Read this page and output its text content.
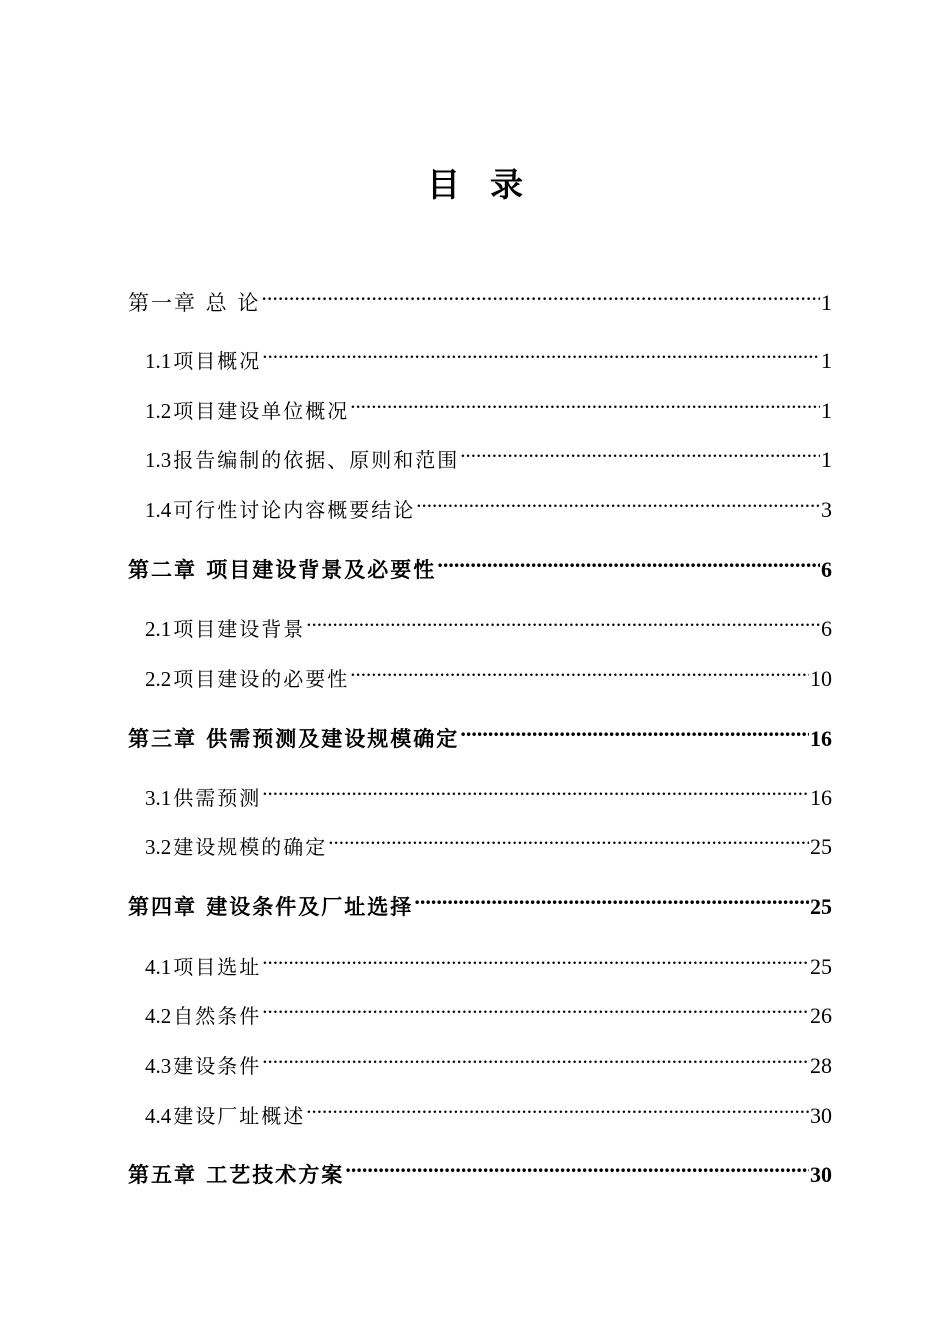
目 录
第一章 总 论 .....	1
1.1 项目概况 .....	1
1.2 项目建设单位概况 .....	1
1.3 报告编制的依据、原则和范围 .....	1
1.4 可行性讨论内容概要结论 .....	3
第二章 项目建设背景及必要性 .....	6
2.1 项目建设背景 .....	6
2.2 项目建设的必要性 .....	10
第三章 供需预测及建设规模确定 .....	16
3.1 供需预测 .....	16
3.2 建设规模的确定 .....	25
第四章 建设条件及厂址选择 .....	25
4.1 项目选址 .....	25
4.2 自然条件 .....	26
4.3 建设条件 .....	28
4.4 建设厂址概述 .....	30
第五章 工艺技术方案 .....	30
